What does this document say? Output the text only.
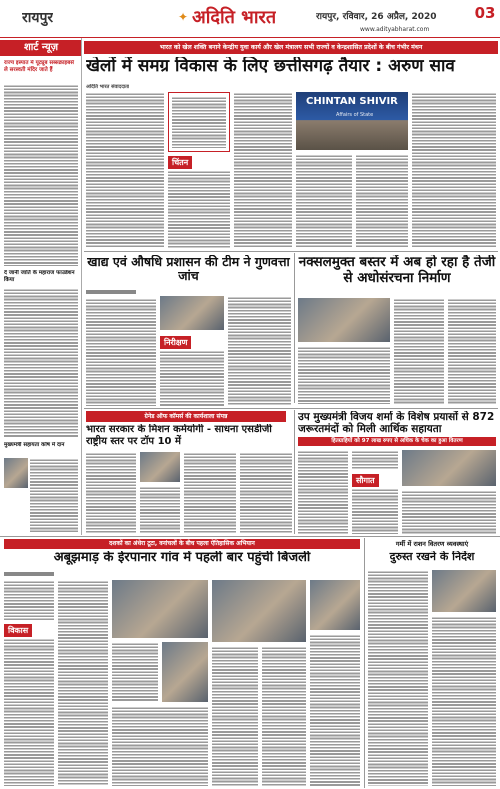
रायपुर	✦ अदिति भारत	रायपुर, रविवार, 26 अप्रैल, 2020
www.adityabharat.com
03
शार्ट न्यूज़
राज्य इस्पात में यूट्यूब सब्सक्राइबर्स ले सरस्वती मंदिर जाते हैं
दे जानी जाति के महाराज फाउंडेशन किया
मुख्यमंत्री सहायता कोष में दान
भारत को खेल शक्ति बनाने केन्द्रीय युवा कार्य और खेल मंत्रालय सभी राज्यों व केन्द्रशासित प्रदेशों के बीच गंभीर मंथन
खेलों में समग्र विकास के लिए छत्तीसगढ़ तैयार : अरुण साव
अदिति भारत संवाददाता
चिंतन
CHINTAN SHIVIR
Affairs of State
खाद्य एवं औषधि प्रशासन की टीम ने गुणवत्ता जांच
निरीक्षण
नक्सलमुक्त बस्तर में अब हो रहा है तेजी से अधोसंरचना निर्माण
ग्रेनेड ऑफ कॉमर्स की कार्यशाला संपन्न
भारत सरकार के मिशन कर्मयोगी - साधना एसडीजी राष्ट्रीय स्तर पर टॉप 10 में
उप मुख्यमंत्री विजय शर्मा के विशेष प्रयासों से 872 जरूरतमंदों को मिली आर्थिक सहायता
हितग्राहियों को 97 लाख रुपए से अधिक के चेक का हुआ वितरण
सौगात
दशकों का अंधेरा टूटा, वनांचलों के बीच पहला ऐतिहासिक अभियान
अबूझमाड़ के ईरपानार गांव में पहली बार पहुंची बिजली
विकास
गर्मी में राशन वितरण व्यवस्थाएं
दुरुस्त रखने के निर्देश
